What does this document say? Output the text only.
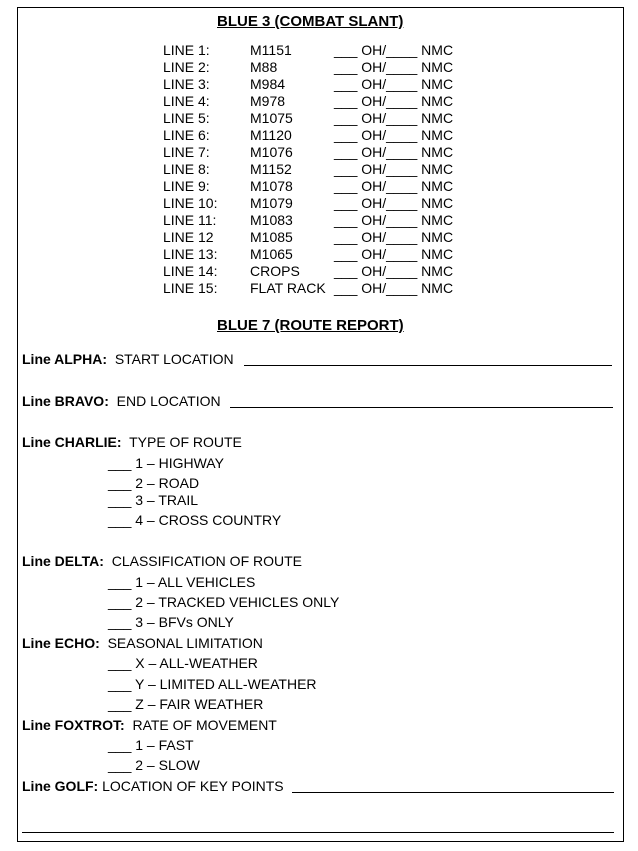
BLUE 3 (COMBAT SLANT)
LINE 1:	M1151	___ OH/____ NMC
LINE 2:	M88	___ OH/____ NMC
LINE 3:	M984	___ OH/____ NMC
LINE 4:	M978	___ OH/____ NMC
LINE 5:	M1075	___ OH/____ NMC
LINE 6:	M1120	___ OH/____ NMC
LINE 7:	M1076	___ OH/____ NMC
LINE 8:	M1152	___ OH/____ NMC
LINE 9:	M1078	___ OH/____ NMC
LINE 10: M1079	___ OH/____ NMC
LINE 11: M1083	___ OH/____ NMC
LINE 12	M1085	___ OH/____ NMC
LINE 13: M1065	___ OH/____ NMC
LINE 14: CROPS ___ OH/____ NMC
LINE 15: FLAT RACK ___ OH/____ NMC
BLUE 7 (ROUTE REPORT)
Line ALPHA: START LOCATION
Line BRAVO: END LOCATION
Line CHARLIE: TYPE OF ROUTE
___ 1 – HIGHWAY
___ 2 – ROAD
___ 3 – TRAIL
___ 4 – CROSS COUNTRY
Line DELTA: CLASSIFICATION OF ROUTE
___ 1 – ALL VEHICLES
___ 2 – TRACKED VEHICLES ONLY
___ 3 – BFVs ONLY
Line ECHO: SEASONAL LIMITATION
___ X – ALL-WEATHER
___ Y – LIMITED ALL-WEATHER
___ Z – FAIR WEATHER
Line FOXTROT: RATE OF MOVEMENT
___ 1 – FAST
___ 2 – SLOW
Line GOLF: LOCATION OF KEY POINTS
